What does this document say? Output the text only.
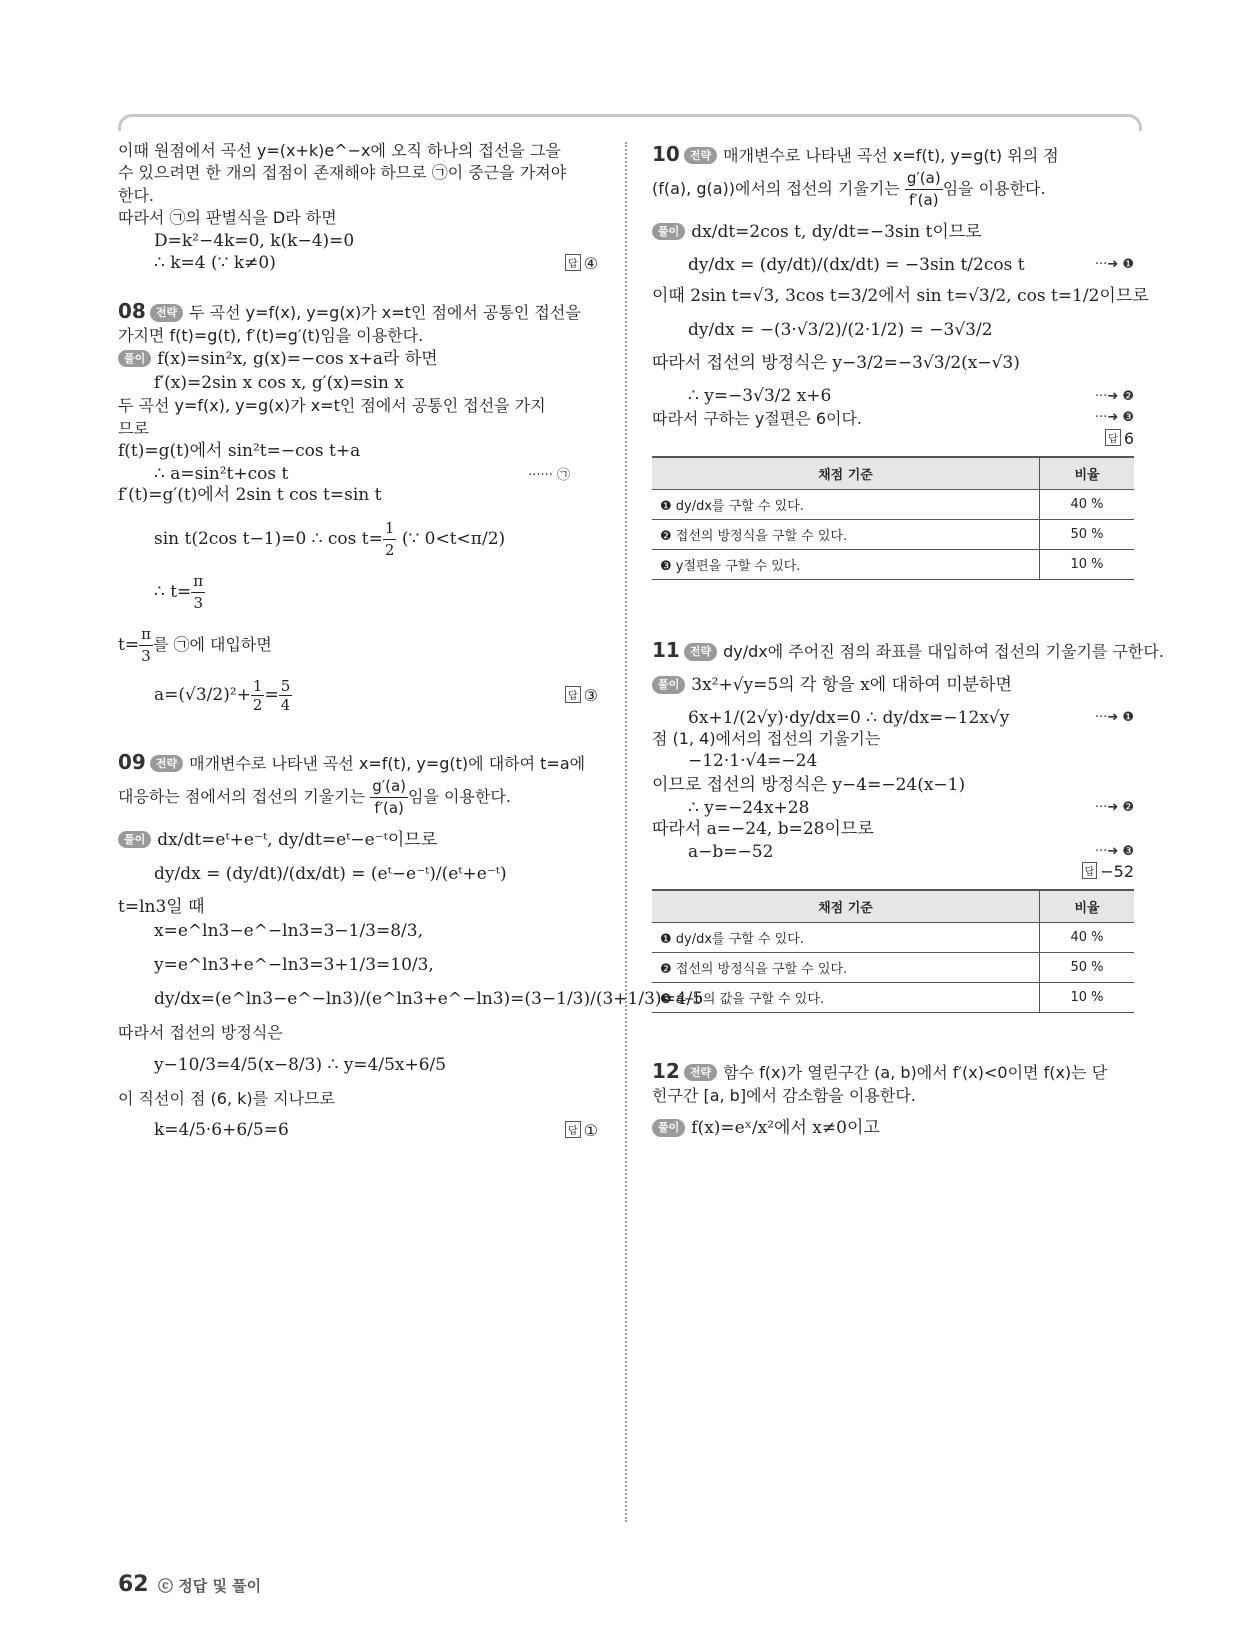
이때 원점에서 곡선 y=(x+k)e^−x에 오직 하나의 접선을 그을

수 있으려면 한 개의 접점이 존재해야 하므로 ㉠이 중근을 가져야

한다.

따라서 ㉠의 판별식을 D라 하면

D=k²−4k=0, k(k−4)=0

∴ k=4 (∵ k≠0)	답 ④

08 전략 두 곡선 y=f(x), y=g(x)가 x=t인 점에서 공통인 접선을

가지면 f(t)=g(t), f′(t)=g′(t)임을 이용한다.

풀이 f(x)=sin²x, g(x)=−cos x+a라 하면

f′(x)=2sin x cos x, g′(x)=sin x

두 곡선 y=f(x), y=g(x)가 x=t인 점에서 공통인 접선을 가지

므로

f(t)=g(t)에서 sin²t=−cos t+a

∴ a=sin²t+cos t	······ ㉠

f′(t)=g′(t)에서 2sin t cos t=sin t

sin t(2cos t−1)=0 ∴ $\cos t= \frac{1}{2}$ (∵ 0<t<π/2)

∴ $t= \frac{\pi}{3}$

$t= \frac{\pi}{3}$ 를 ㉠에 대입하면

$a=(√3/2)^2+ \frac{1}{2} = \frac{5}{4}$	답 ③

09 전략 매개변수로 나타낸 곡선 x=f(t), y=g(t)에 대하여 t=a에

대응하는 점에서의 접선의 기울기는 $\frac{g'(a)}{f'(a)}$ 임을 이용한다.

풀이 dx/dt=eᵗ+e⁻ᵗ, dy/dt=eᵗ−e⁻ᵗ이므로

dy/dx = (dy/dt)/(dx/dt) = (eᵗ−e⁻ᵗ)/(eᵗ+e⁻ᵗ)

t=ln3일 때

x=e^ln3−e^−ln3=3−1/3=8/3,

y=e^ln3+e^−ln3=3+1/3=10/3,

dy/dx=(e^ln3−e^−ln3)/(e^ln3+e^−ln3)=(3−1/3)/(3+1/3)=4/5

따라서 접선의 방정식은

y−10/3=4/5(x−8/3) ∴ y=4/5x+6/5

이 직선이 점 (6, k)를 지나므로

k=4/5·6+6/5=6	답 ①

10 전략 매개변수로 나타낸 곡선 x=f(t), y=g(t) 위의 점

(f(a), g(a))에서의 접선의 기울기는 $\frac{g'(a)}{f'(a)}$ 임을 이용한다.

풀이 dx/dt=2cos t, dy/dt=−3sin t이므로

dy/dx = (dy/dt)/(dx/dt) = −3sin t/2cos t	···➜ ❶

이때 2sin t=√3, 3cos t=3/2에서 sin t=√3/2, cos t=1/2이므로

dy/dx = −(3·√3/2)/(2·1/2) = −3√3/2

따라서 접선의 방정식은 y−3/2=−3√3/2(x−√3)

∴ y=−3√3/2 x+6	···➜ ❷
따라서 구하는 y절편은 6이다.	···➜ ❸
답 6
채점 기준	비율
❶ dy/dx를 구할 수 있다.	40 %
❷ 접선의 방정식을 구할 수 있다.	50 %
❸ y절편을 구할 수 있다.	10 %

11 전략 dy/dx에 주어진 점의 좌표를 대입하여 접선의 기울기를 구한다.

풀이 3x²+√y=5의 각 항을 x에 대하여 미분하면

6x+1/(2√y)·dy/dx=0 ∴ dy/dx=−12x√y	···➜ ❶

점 (1, 4)에서의 접선의 기울기는

−12·1·√4=−24

이므로 접선의 방정식은 y−4=−24(x−1)

∴ y=−24x+28	···➜ ❷

따라서 a=−24, b=28이므로

a−b=−52	···➜ ❸
답 −52
채점 기준	비율
❶ dy/dx를 구할 수 있다.	40 %
❷ 접선의 방정식을 구할 수 있다.	50 %
❸ a−b의 값을 구할 수 있다.	10 %

12 전략 함수 f(x)가 열린구간 (a, b)에서 f′(x)<0이면 f(x)는 닫

힌구간 [a, b]에서 감소함을 이용한다.

풀이 f(x)=eˣ/x²에서 x≠0이고

62 ⓒ 정답 및 풀이
